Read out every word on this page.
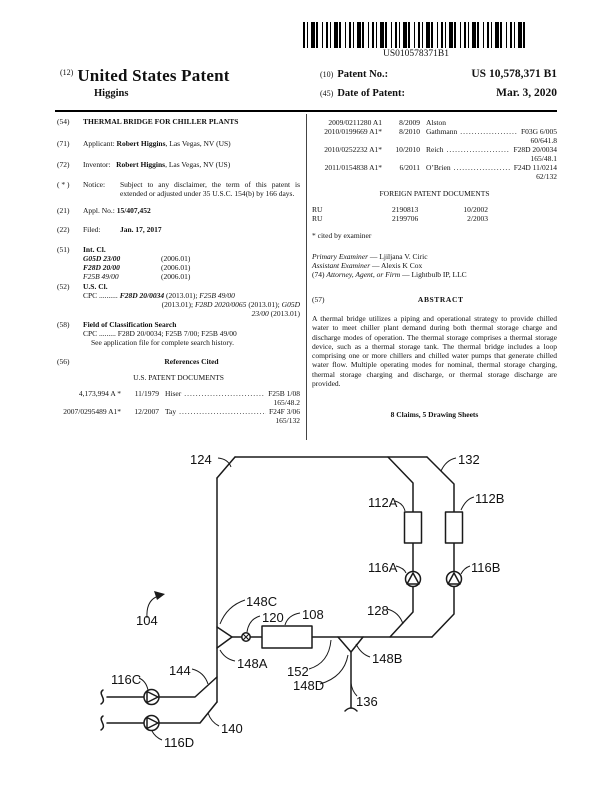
US010578371B1
$^{(12)}$ United States Patent
Higgins
(10) Patent No.:	US 10,578,371 B1
(45) Date of Patent:	Mar. 3, 2020
(54)	THERMAL BRIDGE FOR CHILLER PLANTS
(71)	Applicant: Robert Higgins, Las Vegas, NV (US)
(72)	Inventor: Robert Higgins, Las Vegas, NV (US)
( * )	Notice:	Subject to any disclaimer, the term of this patent is extended or adjusted under 35 U.S.C. 154(b) by 166 days.
(21)	Appl. No.: 15/407,452
(22)	Filed:	Jan. 17, 2017
(51)	Int. Cl.
G05D 23/00	(2006.01)
F28D 20/00	(2006.01)
F25B 49/00	(2006.01)
(52)	U.S. Cl.
CPC .......... F28D 20/0034 (2013.01); F25B 49/00
(2013.01); F28D 2020/0065 (2013.01); G05D
23/00 (2013.01)
(58)	Field of Classification Search
CPC ......... F28D 20/0034; F25B 7/00; F25B 49/00
See application file for complete search history.
(56)	References Cited
U.S. PATENT DOCUMENTS
4,173,994 A *	11/1979 Hiser .....	F25B 1/08
165/48.2
2007/0295489 A1*	12/2007 Tay .....	F24F 3/06
165/132
2009/0211280 A1	8/2009 Alston
2010/0199669 A1*	8/2010 Gathmann .....	F03G 6/005
60/641.8
2010/0252232 A1*	10/2010 Reich .....	F28D 20/0034
165/48.1
2011/0154838 A1*	6/2011 O’Brien .....	F24D 11/0214
62/132
FOREIGN PATENT DOCUMENTS
RU	2190813	10/2002
RU	2199706	2/2003
* cited by examiner
Primary Examiner — Ljiljana V. Ciric
Assistant Examiner — Alexis K Cox
(74) Attorney, Agent, or Firm — Lightbulb IP, LLC
(57)	ABSTRACT
A thermal bridge utilizes a piping and operational strategy to provide chilled water to meet chiller plant demand during both thermal storage charge and discharge modes of operation. The thermal storage comprises a thermal storage device, such as a thermal storage tank. The thermal bridge includes a loop comprising one or more chillers and chilled water pumps that generate chilled water flow. Multiple operating modes for nominal, thermal storage charging, thermal storage charging and discharge, or thermal storage discharge are provided.
8 Claims, 5 Drawing Sheets
124	132
112A	112B
116A	116B
148C
120 108	128
104
148A
152
148D
148B
136
144
140
116C
116D
